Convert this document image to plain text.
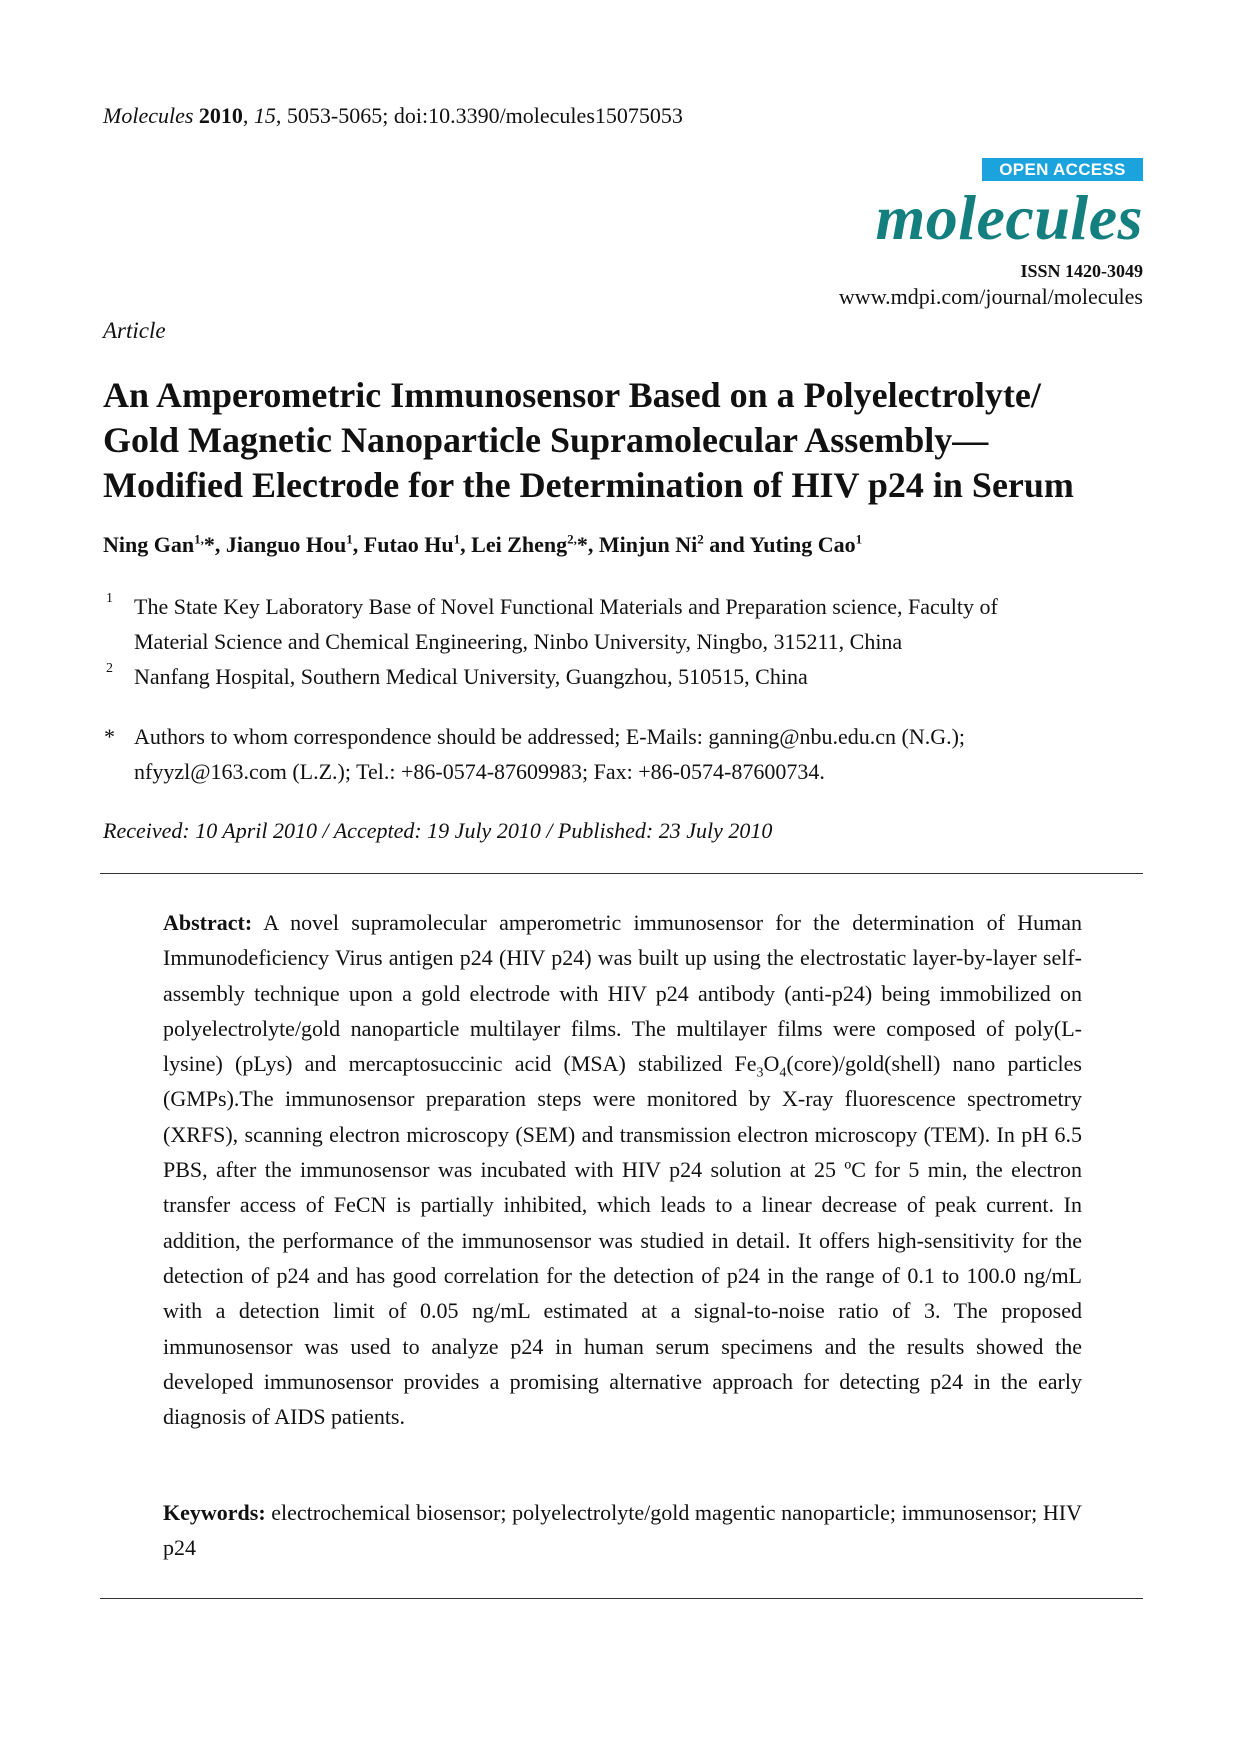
Molecules 2010, 15, 5053-5065; doi:10.3390/molecules15075053
OPEN ACCESS
molecules
ISSN 1420-3049
www.mdpi.com/journal/molecules
Article
An Amperometric Immunosensor Based on a Polyelectrolyte/
Gold Magnetic Nanoparticle Supramolecular Assembly—
Modified Electrode for the Determination of HIV p24 in Serum
Ning Gan$^{1,}$*, Jianguo Hou$^1$, Futao Hu$^1$, Lei Zheng$^{2,}$*, Minjun Ni$^2$ and Yuting Cao$^1$
1 The State Key Laboratory Base of Novel Functional Materials and Preparation science, Faculty of
Material Science and Chemical Engineering, Ninbo University, Ningbo, 315211, China
2 Nanfang Hospital, Southern Medical University, Guangzhou, 510515, China
* Authors to whom correspondence should be addressed; E-Mails: ganning@nbu.edu.cn (N.G.);
nfyyzl@163.com (L.Z.); Tel.: +86-0574-87609983; Fax: +86-0574-87600734.
Received: 10 April 2010 / Accepted: 19 July 2010 / Published: 23 July 2010
Abstract: A novel supramolecular amperometric immunosensor for the determination of Human Immunodeficiency Virus antigen p24 (HIV p24) was built up using the electrostatic layer-by-layer self-assembly technique upon a gold electrode with HIV p24 antibody (anti-p24) being immobilized on polyelectrolyte/gold nanoparticle multilayer films. The multilayer films were composed of poly(L-lysine) (pLys) and mercaptosuccinic acid (MSA) stabilized $Fe_3O_4(core)/gold(shell)$ nano particles (GMPs).The immunosensor preparation steps were monitored by X-ray fluorescence spectrometry (XRFS), scanning electron microscopy (SEM) and transmission electron microscopy (TEM). In pH 6.5 PBS, after the immunosensor was incubated with HIV p24 solution at 25 ºC for 5 min, the electron transfer access of FeCN is partially inhibited, which leads to a linear decrease of peak current. In addition, the performance of the immunosensor was studied in detail. It offers high-sensitivity for the detection of p24 and has good correlation for the detection of p24 in the range of 0.1 to 100.0 ng/mL with a detection limit of 0.05 ng/mL estimated at a signal-to-noise ratio of 3. The proposed immunosensor was used to analyze p24 in human serum specimens and the results showed the developed immunosensor provides a promising alternative approach for detecting p24 in the early diagnosis of AIDS patients.
Keywords: electrochemical biosensor; polyelectrolyte/gold magentic nanoparticle; immunosensor; HIV p24
